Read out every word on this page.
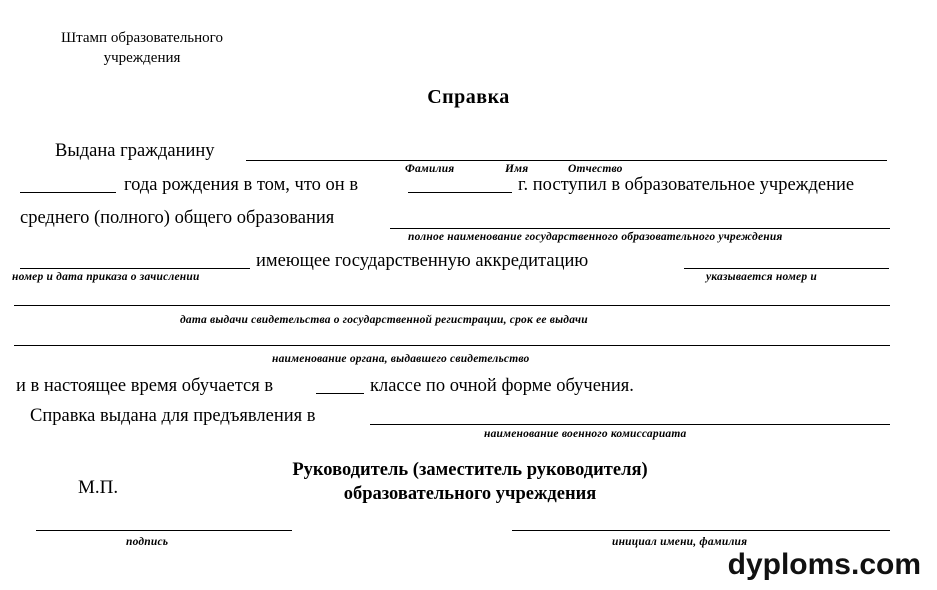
Штамп образовательного учреждения
Справка
Выдана гражданину
Фамилия	Имя	Отчество
года рождения в том, что он в	г. поступил в образовательное учреждение
среднего (полного) общего образования
полное наименование государственного образовательного учреждения
номер и дата приказа о зачислении
имеющее государственную аккредитацию
указывается номер и
дата выдачи свидетельства о государственной регистрации, срок ее выдачи
наименование органа, выдавшего свидетельство
и в настоящее время обучается в	классе по очной форме обучения.
Справка выдана для предъявления в
наименование военного комиссариата
М.П.
Руководитель (заместитель руководителя)
образовательного учреждения
подпись	инициал имени, фамилия
dyploms.com
